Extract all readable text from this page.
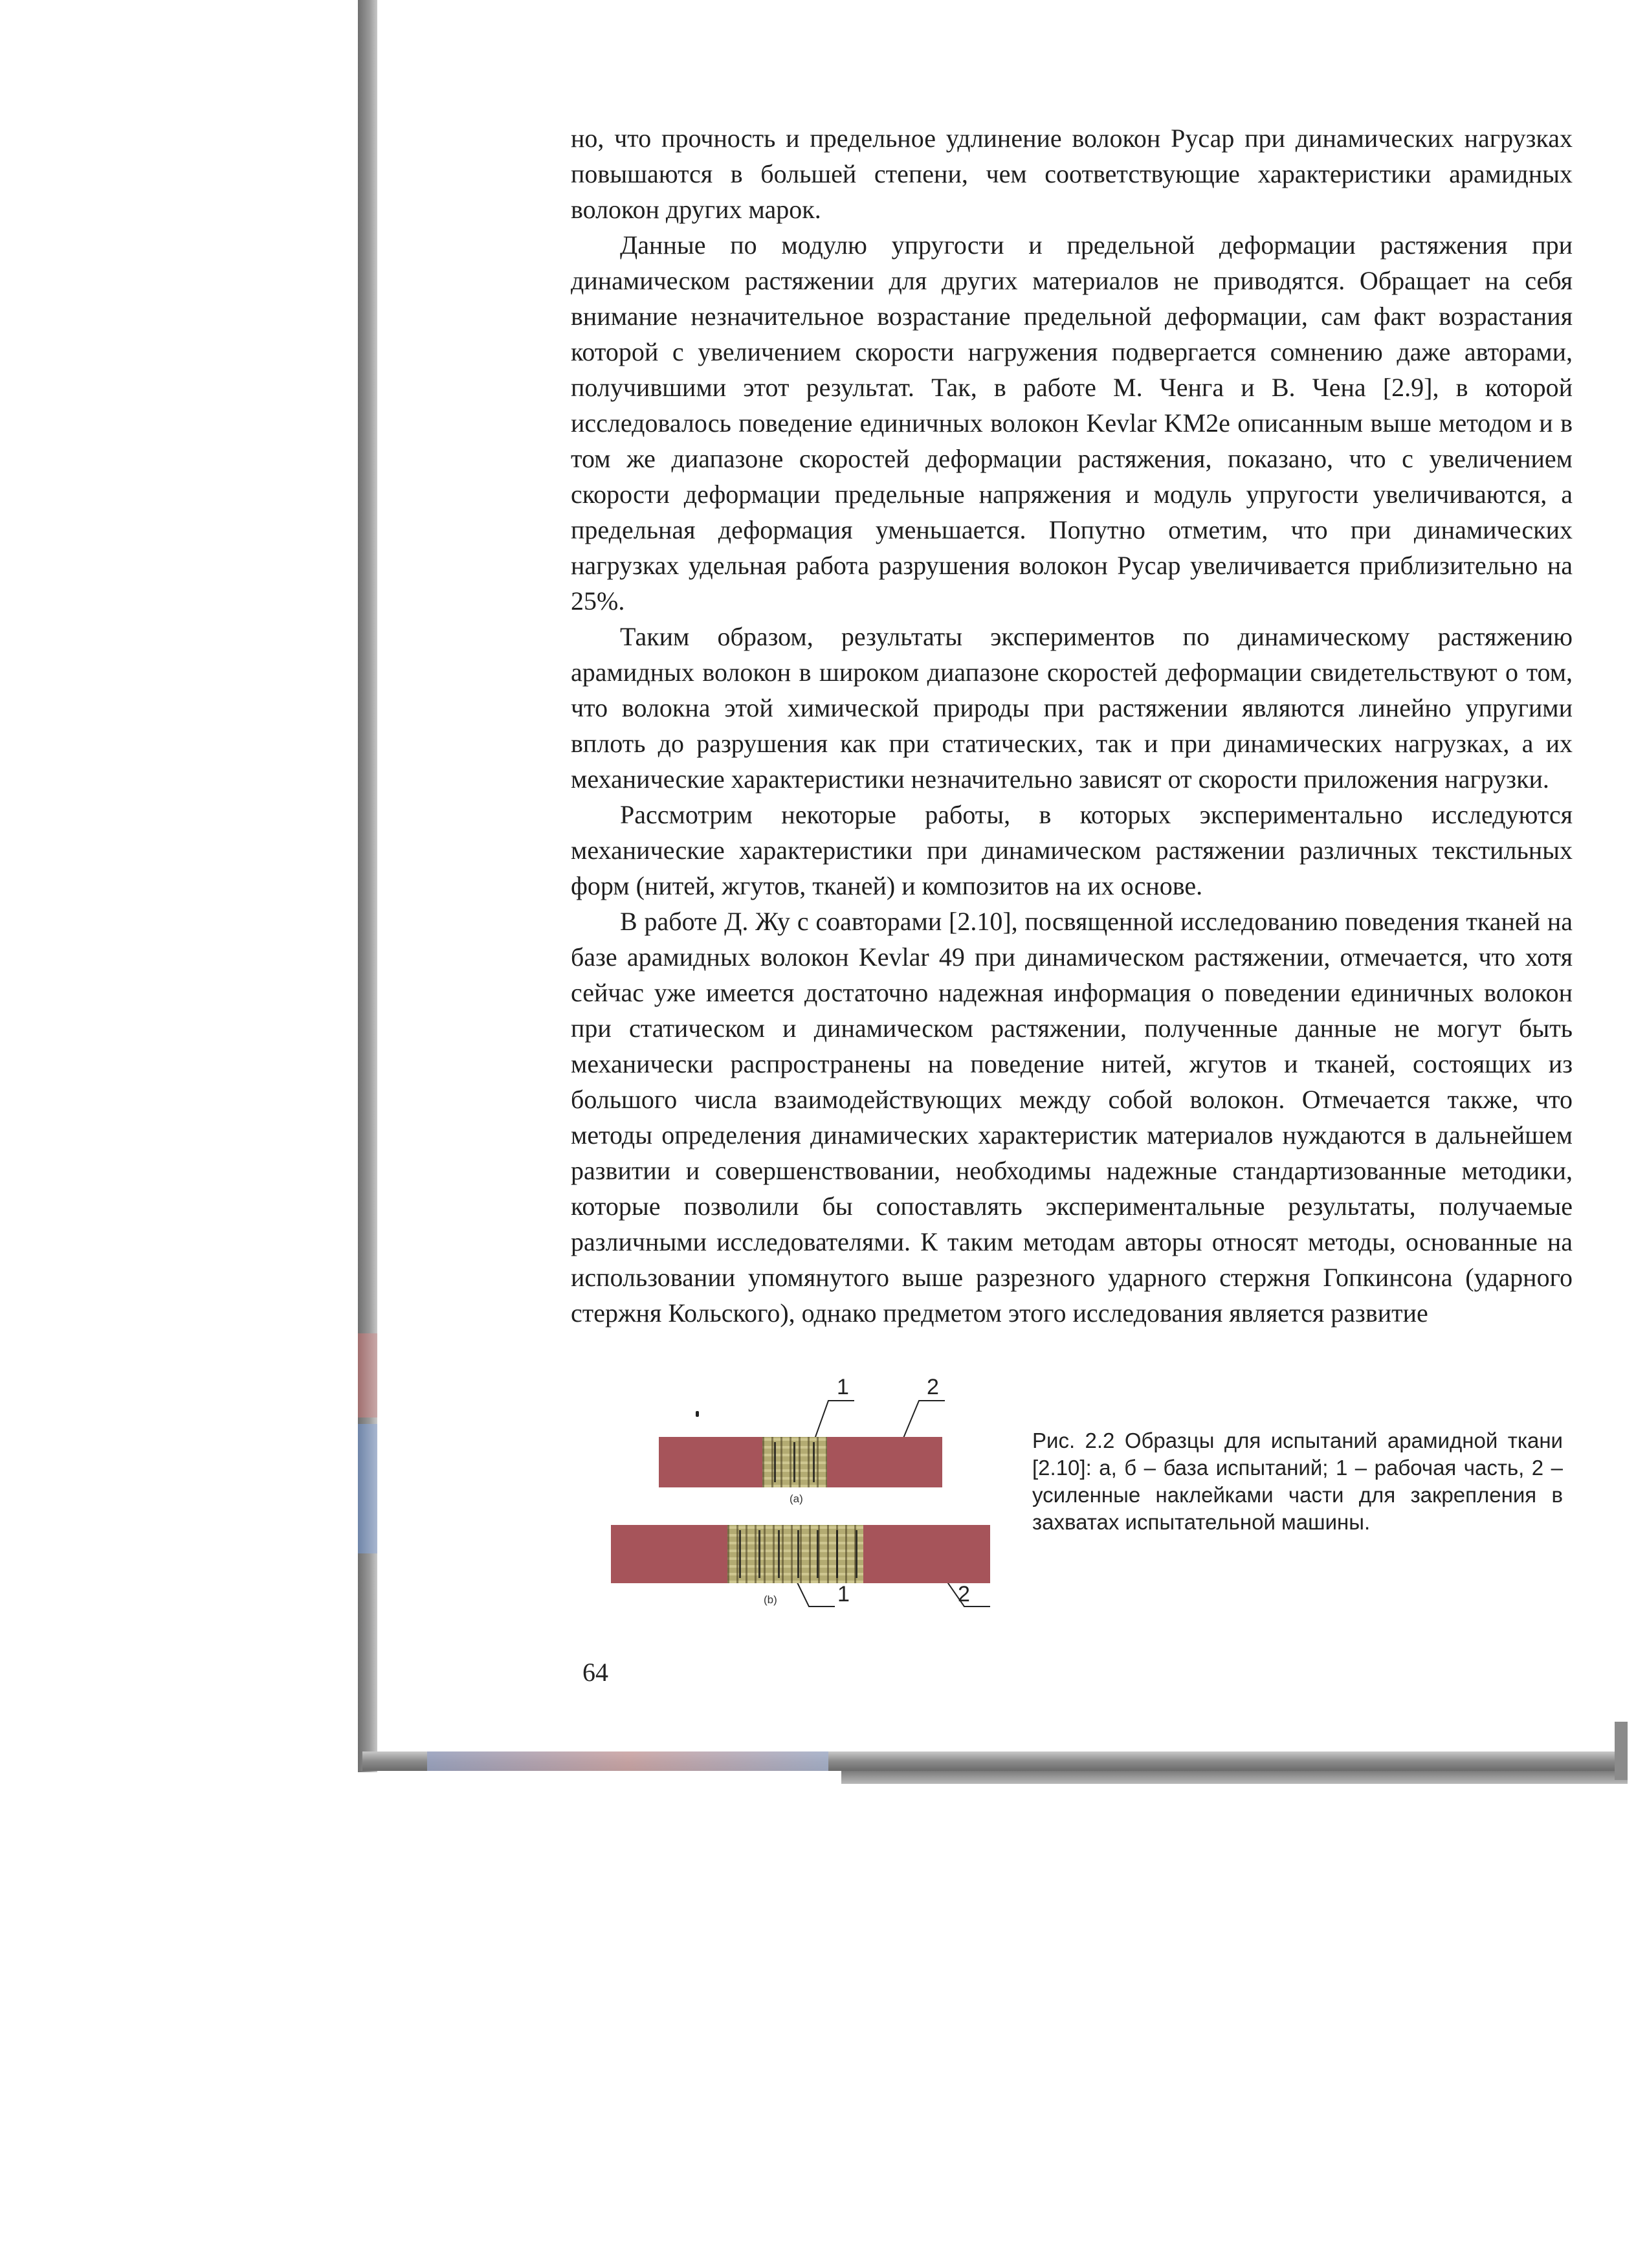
но, что прочность и предельное удлинение волокон Русар при динамических нагрузках повышаются в большей степени, чем соответствующие характеристики арамидных волокон других марок.

Данные по модулю упругости и предельной деформации растяжения при динамическом растяжении для других материалов не приводятся. Обращает на себя внимание незначительное возрастание предельной деформации, сам факт возрастания которой с увеличением скорости нагружения подвергается сомнению даже авторами, получившими этот результат. Так, в работе М. Ченга и В. Чена [2.9], в которой исследовалось поведение единичных волокон Kevlar KM2e описанным выше методом и в том же диапазоне скоростей деформации растяжения, показано, что с увеличением скорости деформации предельные напряжения и модуль упругости увеличиваются, а предельная деформация уменьшается. Попутно отметим, что при динамических нагрузках удельная работа разрушения волокон Русар увеличивается приблизительно на 25%.

Таким образом, результаты экспериментов по динамическому растяжению арамидных волокон в широком диапазоне скоростей деформации свидетельствуют о том, что волокна этой химической природы при растяжении являются линейно упругими вплоть до разрушения как при статических, так и при динамических нагрузках, а их механические характеристики незначительно зависят от скорости приложения нагрузки.

Рассмотрим некоторые работы, в которых экспериментально исследуются механические характеристики при динамическом растяжении различных текстильных форм (нитей, жгутов, тканей) и композитов на их основе.

В работе Д. Жу с соавторами [2.10], посвященной исследованию поведения тканей на базе арамидных волокон Kevlar 49 при динамическом растяжении, отмечается, что хотя сейчас уже имеется достаточно надежная информация о поведении единичных волокон при статическом и динамическом растяжении, полученные данные не могут быть механически распространены на поведение нитей, жгутов и тканей, состоящих из большого числа взаимодействующих между собой волокон. Отмечается также, что методы определения динамических характеристик материалов нуждаются в дальнейшем развитии и совершенствовании, необходимы надежные стандартизованные методики, которые позволили бы сопоставлять экспериментальные результаты, получаемые различными исследователями. К таким методам авторы относят методы, основанные на использовании упомянутого выше разрезного ударного стержня Гопкинсона (ударного стержня Кольского), однако предметом этого исследования является развитие

(a)
(b)
1	2
1	2
Рис. 2.2 Образцы для испытаний арамидной ткани [2.10]: а, б – база испытаний; 1 – рабочая часть, 2 – усиленные наклейками части для закрепления в захватах испытательной машины.
64
